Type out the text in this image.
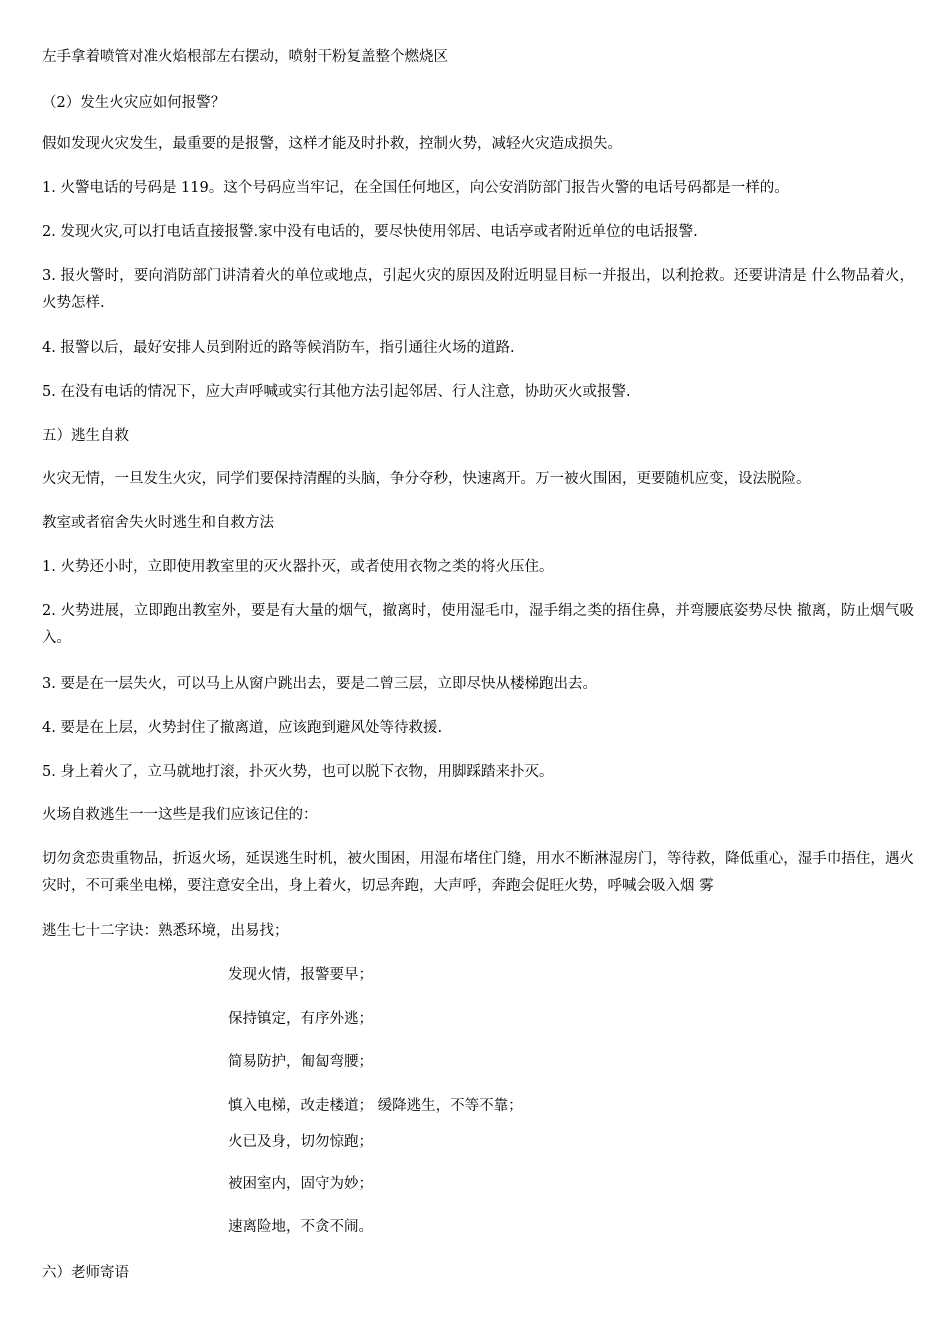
左手拿着喷管对准火焰根部左右摆动，喷射干粉复盖整个燃烧区

（2）发生火灾应如何报警？

假如发现火灾发生，最重要的是报警，这样才能及时扑救，控制火势，减轻火灾造成损失。

1. 火警电话的号码是 119。这个号码应当牢记，在全国任何地区，向公安消防部门报告火警的电话号码都是一样的。

2. 发现火灾,可以打电话直接报警.家中没有电话的，要尽快使用邻居、电话亭或者附近单位的电话报警.

3. 报火警时，要向消防部门讲清着火的单位或地点，引起火灾的原因及附近明显目标一并报出，以利抢救。还要讲清是 什么物品着火，火势怎样.

4. 报警以后，最好安排人员到附近的路等候消防车，指引通往火场的道路.

5. 在没有电话的情况下，应大声呼喊或实行其他方法引起邻居、行人注意，协助灭火或报警.

五）逃生自救

火灾无情，一旦发生火灾，同学们要保持清醒的头脑，争分夺秒，快速离开。万一被火围困，更要随机应变，设法脱险。

教室或者宿舍失火时逃生和自救方法

1. 火势还小时，立即使用教室里的灭火器扑灭，或者使用衣物之类的将火压住。

2. 火势进展，立即跑出教室外，要是有大量的烟气，撤离时，使用湿毛巾，湿手绢之类的捂住鼻，并弯腰底姿势尽快 撤离，防止烟气吸入。

3. 要是在一层失火，可以马上从窗户跳出去，要是二曾三层，立即尽快从楼梯跑出去。

4. 要是在上层，火势封住了撤离道，应该跑到避风处等待救援.

5. 身上着火了，立马就地打滚，扑灭火势，也可以脱下衣物，用脚踩踏来扑灭。

火场自救逃生一一这些是我们应该记住的：

切勿贪恋贵重物品，折返火场，延误逃生时机，被火围困，用湿布堵住门缝，用水不断淋湿房门，等待救，降低重心，湿手巾捂住，遇火灾时，不可乘坐电梯，要注意安全出，身上着火，切忌奔跑，大声呼，奔跑会促旺火势，呼喊会吸入烟 雾

逃生七十二字诀：熟悉环境，出易找；

发现火情，报警要早；

保持镇定，有序外逃；

简易防护，匍匐弯腰；

慎入电梯，改走楼道； 缓降逃生，不等不靠；

火已及身，切勿惊跑；

被困室内，固守为妙；

速离险地，不贪不闹。

六）老师寄语
